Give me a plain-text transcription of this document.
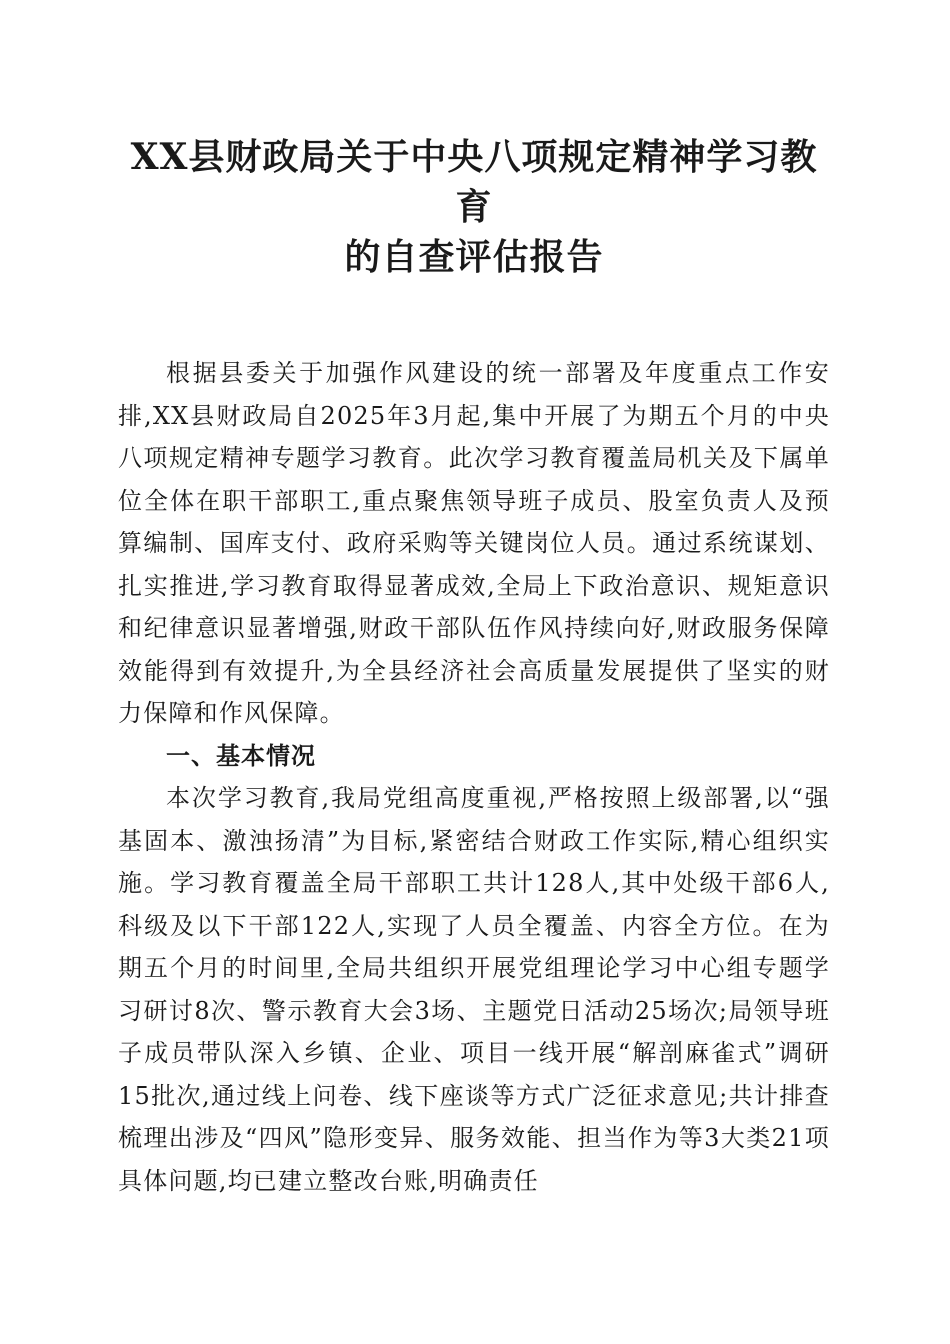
XX县财政局关于中央八项规定精神学习教育
的自查评估报告

根据县委关于加强作风建设的统一部署及年度重点工作安排,XX县财政局自2025年3月起,集中开展了为期五个月的中央八项规定精神专题学习教育。此次学习教育覆盖局机关及下属单位全体在职干部职工,重点聚焦领导班子成员、股室负责人及预算编制、国库支付、政府采购等关键岗位人员。通过系统谋划、扎实推进,学习教育取得显著成效,全局上下政治意识、规矩意识和纪律意识显著增强,财政干部队伍作风持续向好,财政服务保障效能得到有效提升,为全县经济社会高质量发展提供了坚实的财力保障和作风保障。

一、基本情况

本次学习教育,我局党组高度重视,严格按照上级部署,以“强基固本、激浊扬清”为目标,紧密结合财政工作实际,精心组织实施。学习教育覆盖全局干部职工共计128人,其中处级干部6人,科级及以下干部122人,实现了人员全覆盖、内容全方位。在为期五个月的时间里,全局共组织开展党组理论学习中心组专题学习研讨8次、警示教育大会3场、主题党日活动25场次;局领导班子成员带队深入乡镇、企业、项目一线开展“解剖麻雀式”调研15批次,通过线上问卷、线下座谈等方式广泛征求意见;共计排查梳理出涉及“四风”隐形变异、服务效能、担当作为等3大类21项具体问题,均已建立整改台账,明确责任
